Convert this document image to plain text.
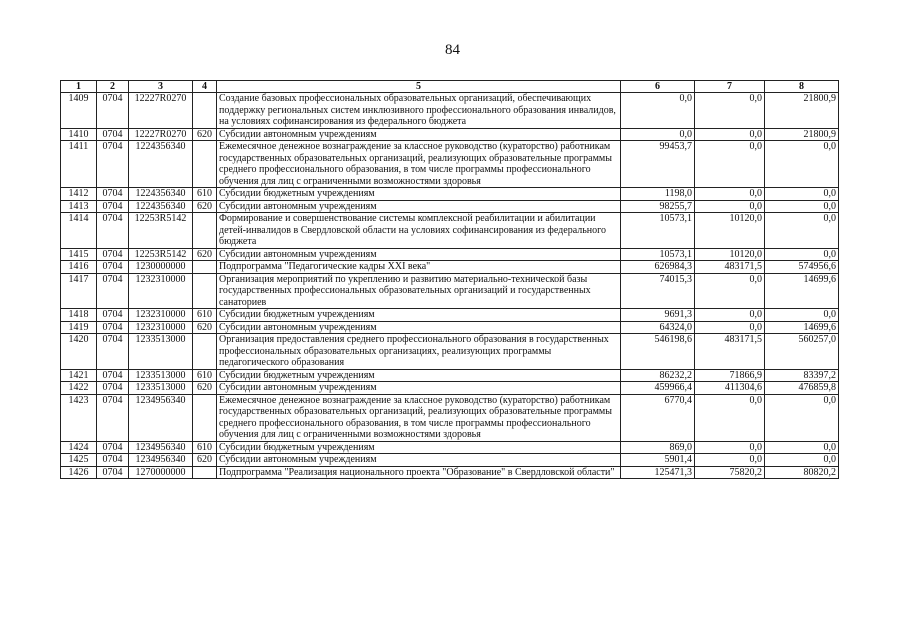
84
1	2	3	4	5	6	7	8
1409	0704	12227R0270		Создание базовых профессиональных образовательных организаций, обеспечивающих поддержку региональных систем инклюзивного профессионального образования инвалидов, на условиях софинансирования из федерального бюджета	0,0	0,0	21800,9
1410	0704	12227R0270	620	Субсидии автономным учреждениям	0,0	0,0	21800,9
1411	0704	1224356340		Ежемесячное денежное вознаграждение за классное руководство (кураторство) работникам государственных образовательных организаций, реализующих образовательные программы среднего профессионального образования, в том числе программы профессионального обучения для лиц с ограниченными возможностями здоровья	99453,7	0,0	0,0
1412	0704	1224356340	610	Субсидии бюджетным учреждениям	1198,0	0,0	0,0
1413	0704	1224356340	620	Субсидии автономным учреждениям	98255,7	0,0	0,0
1414	0704	12253R5142		Формирование и совершенствование системы комплексной реабилитации и абилитации детей-инвалидов в Свердловской области на условиях софинансирования из федерального бюджета	10573,1	10120,0	0,0
1415	0704	12253R5142	620	Субсидии автономным учреждениям	10573,1	10120,0	0,0
1416	0704	1230000000		Подпрограмма "Педагогические кадры XXI века"	626984,3	483171,5	574956,6
1417	0704	1232310000		Организация мероприятий по укреплению и развитию материально-технической базы государственных профессиональных образовательных организаций и государственных санаториев	74015,3	0,0	14699,6
1418	0704	1232310000	610	Субсидии бюджетным учреждениям	9691,3	0,0	0,0
1419	0704	1232310000	620	Субсидии автономным учреждениям	64324,0	0,0	14699,6
1420	0704	1233513000		Организация предоставления среднего профессионального образования в государственных профессиональных образовательных организациях, реализующих программы педагогического образования	546198,6	483171,5	560257,0
1421	0704	1233513000	610	Субсидии бюджетным учреждениям	86232,2	71866,9	83397,2
1422	0704	1233513000	620	Субсидии автономным учреждениям	459966,4	411304,6	476859,8
1423	0704	1234956340		Ежемесячное денежное вознаграждение за классное руководство (кураторство) работникам государственных образовательных организаций, реализующих образовательные программы среднего профессионального образования, в том числе программы профессионального обучения для лиц с ограниченными возможностями здоровья	6770,4	0,0	0,0
1424	0704	1234956340	610	Субсидии бюджетным учреждениям	869,0	0,0	0,0
1425	0704	1234956340	620	Субсидии автономным учреждениям	5901,4	0,0	0,0
1426	0704	1270000000		Подпрограмма "Реализация национального проекта "Образование" в Свердловской области"	125471,3	75820,2	80820,2
